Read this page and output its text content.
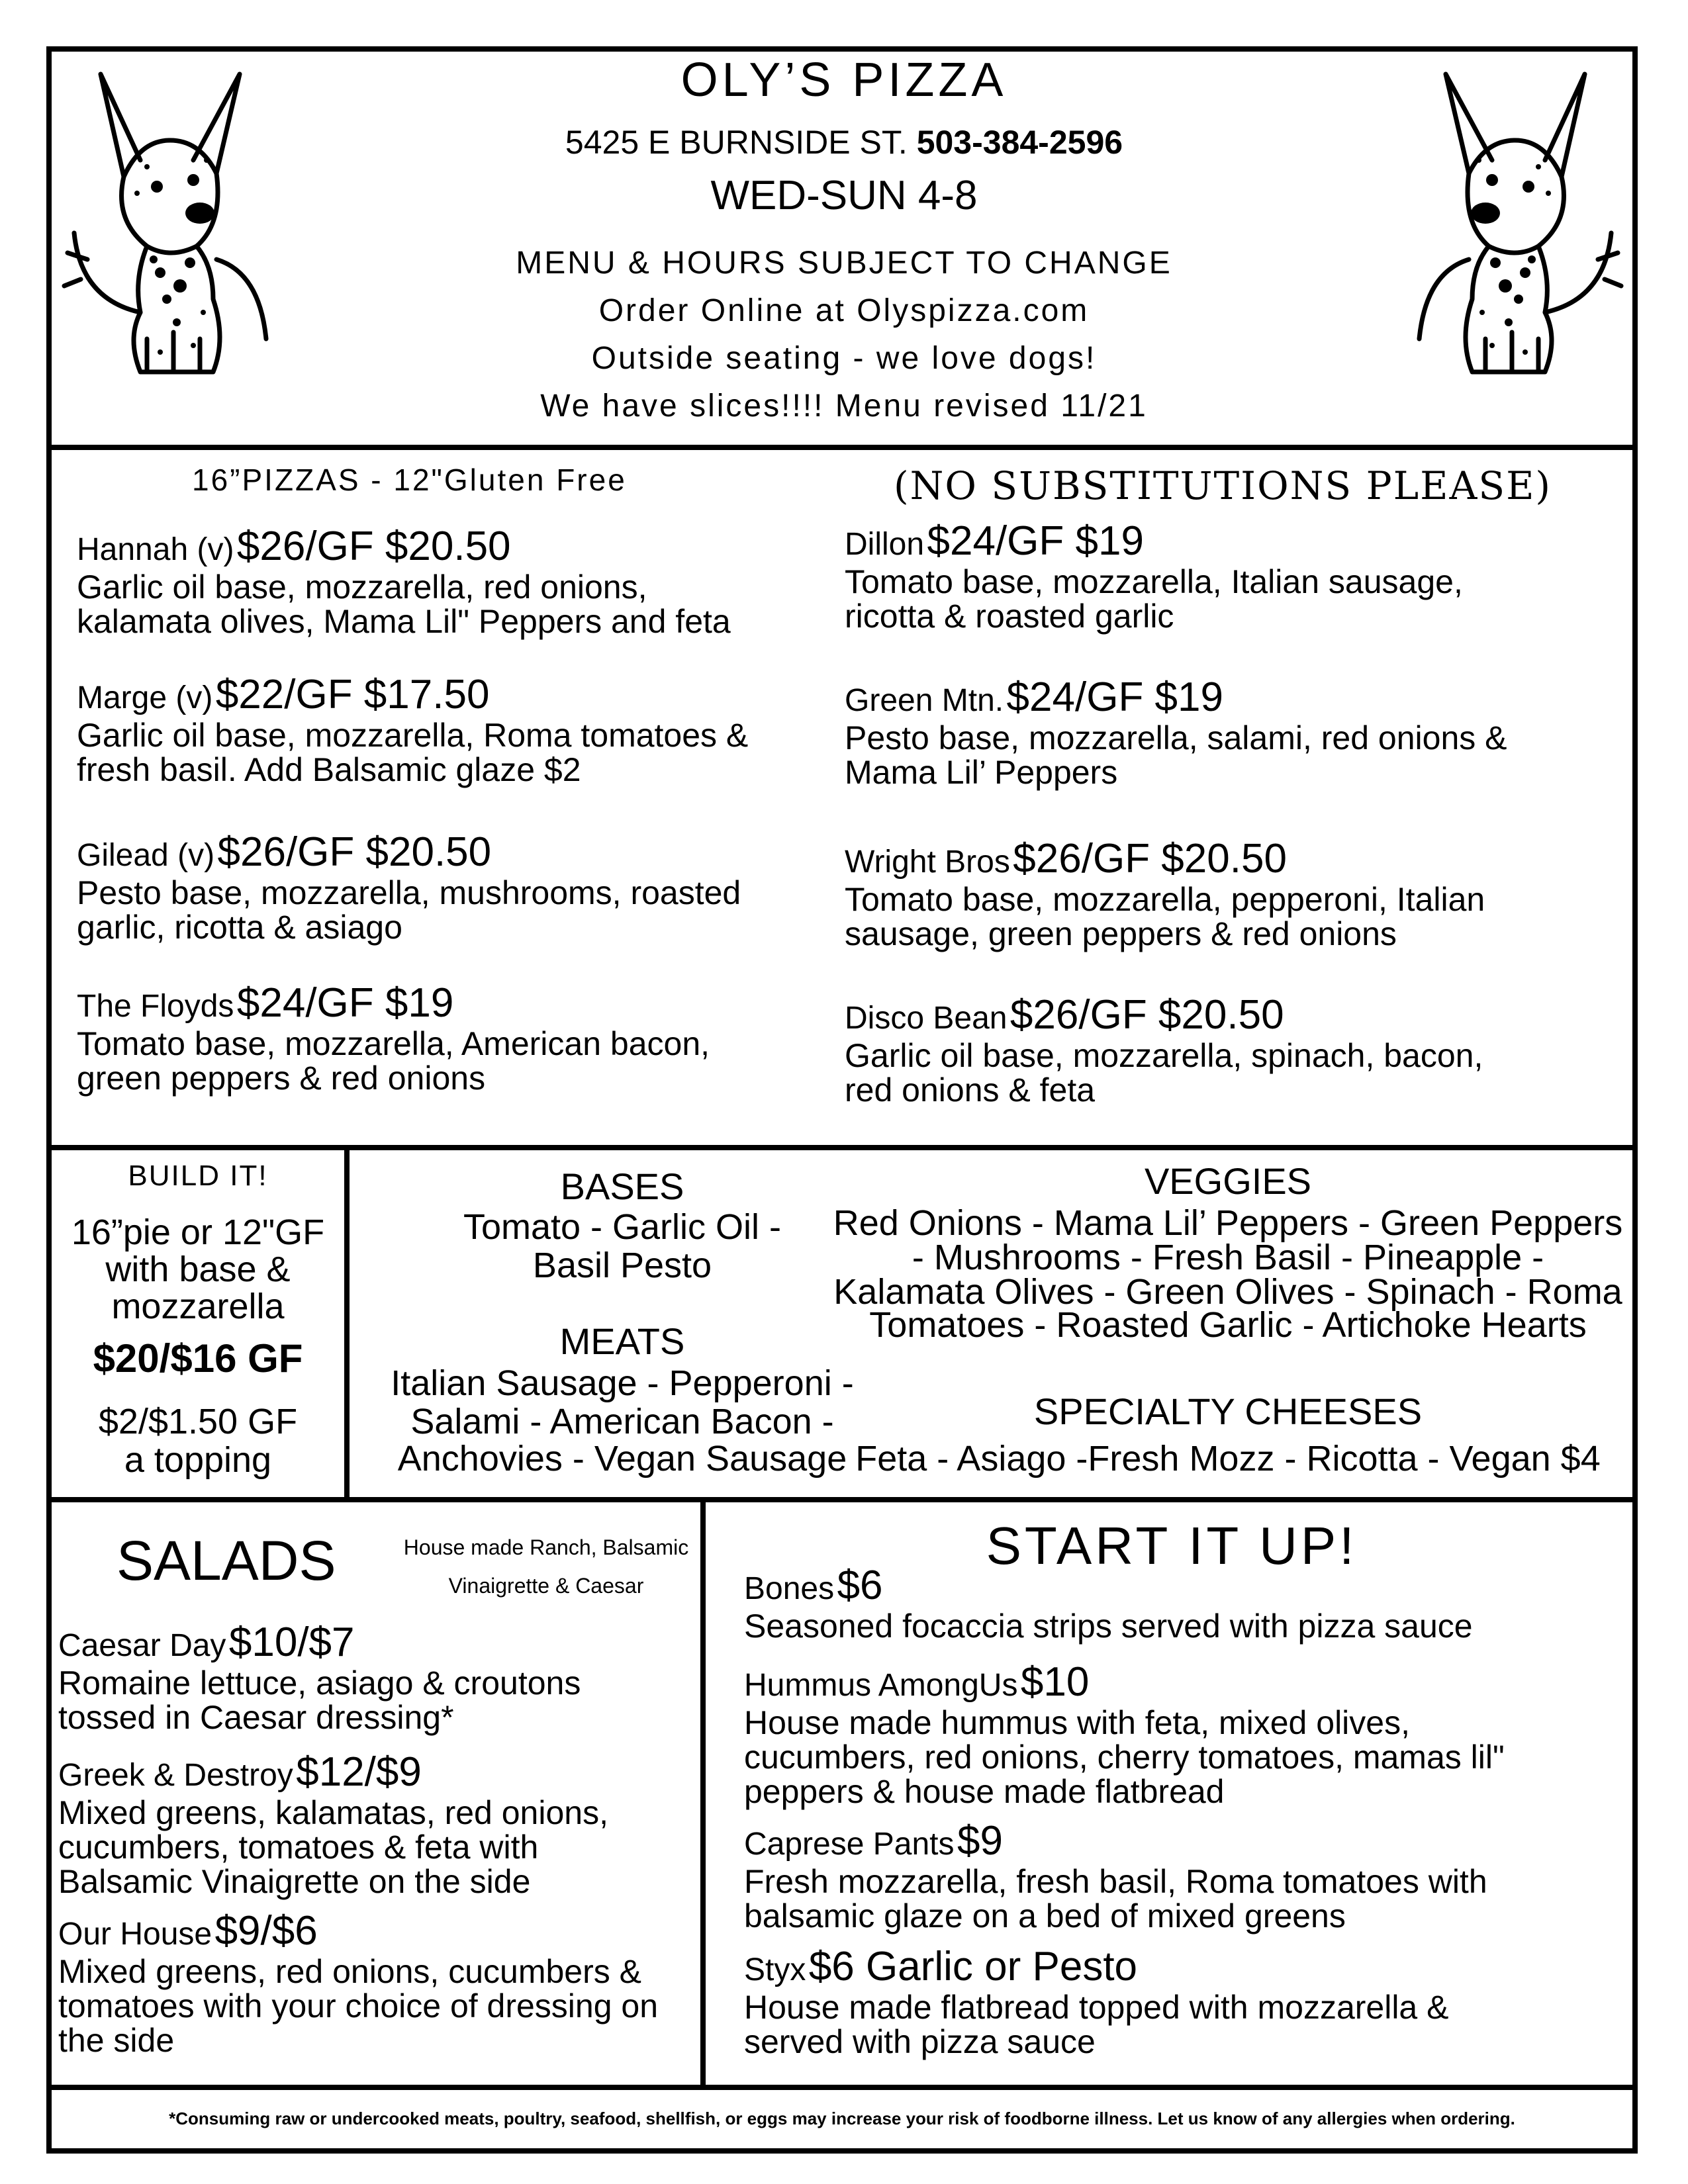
OLY’S PIZZA
5425 E BURNSIDE ST. 503-384-2596
WED-SUN 4-8
MENU & HOURS SUBJECT TO CHANGE
Order Online at Olyspizza.com
Outside seating - we love dogs!
We have slices!!!! Menu revised 11/21
16”PIZZAS - 12"Gluten Free	(NO SUBSTITUTIONS PLEASE)
Hannah (v) $26/GF $20.50
Garlic oil base, mozzarella, red onions,
kalamata olives, Mama Lil" Peppers and feta
Marge (v) $22/GF $17.50
Garlic oil base, mozzarella, Roma tomatoes &
fresh basil. Add Balsamic glaze $2
Gilead (v) $26/GF $20.50
Pesto base, mozzarella, mushrooms, roasted
garlic, ricotta & asiago
The Floyds $24/GF $19
Tomato base, mozzarella, American bacon,
green peppers & red onions
Dillon $24/GF $19
Tomato base, mozzarella, Italian sausage,
ricotta & roasted garlic
Green Mtn. $24/GF $19
Pesto base, mozzarella, salami, red onions &
Mama Lil’ Peppers
Wright Bros $26/GF $20.50
Tomato base, mozzarella, pepperoni, Italian
sausage, green peppers & red onions
Disco Bean $26/GF $20.50
Garlic oil base, mozzarella, spinach, bacon,
red onions & feta
BUILD IT!
16”pie or 12"GF
with base &
mozzarella
$20/$16 GF
$2/$1.50 GF
a topping
BASES
Tomato - Garlic Oil -
Basil Pesto
MEATS
Italian Sausage - Pepperoni -
Salami - American Bacon -
Anchovies - Vegan Sausage
VEGGIES
Red Onions - Mama Lil’ Peppers - Green Peppers
- Mushrooms - Fresh Basil - Pineapple -
Kalamata Olives - Green Olives - Spinach - Roma
Tomatoes - Roasted Garlic - Artichoke Hearts
SPECIALTY CHEESES
Feta - Asiago -Fresh Mozz - Ricotta - Vegan $4
SALADS	House made Ranch, Balsamic
Vinaigrette & Caesar
Caesar Day $10/$7
Romaine lettuce, asiago & croutons
tossed in Caesar dressing*
Greek & Destroy $12/$9
Mixed greens, kalamatas, red onions,
cucumbers, tomatoes & feta with
Balsamic Vinaigrette on the side
Our House $9/$6
Mixed greens, red onions, cucumbers &
tomatoes with your choice of dressing on
the side
START IT UP!
Bones $6
Seasoned focaccia strips served with pizza sauce
Hummus AmongUs $10
House made hummus with feta, mixed olives,
cucumbers, red onions, cherry tomatoes, mamas lil"
peppers & house made flatbread
Caprese Pants $9
Fresh mozzarella, fresh basil, Roma tomatoes with
balsamic glaze on a bed of mixed greens
Styx $6 Garlic or Pesto
House made flatbread topped with mozzarella &
served with pizza sauce
*Consuming raw or undercooked meats, poultry, seafood, shellfish, or eggs may increase your risk of foodborne illness. Let us know of any allergies when ordering.
